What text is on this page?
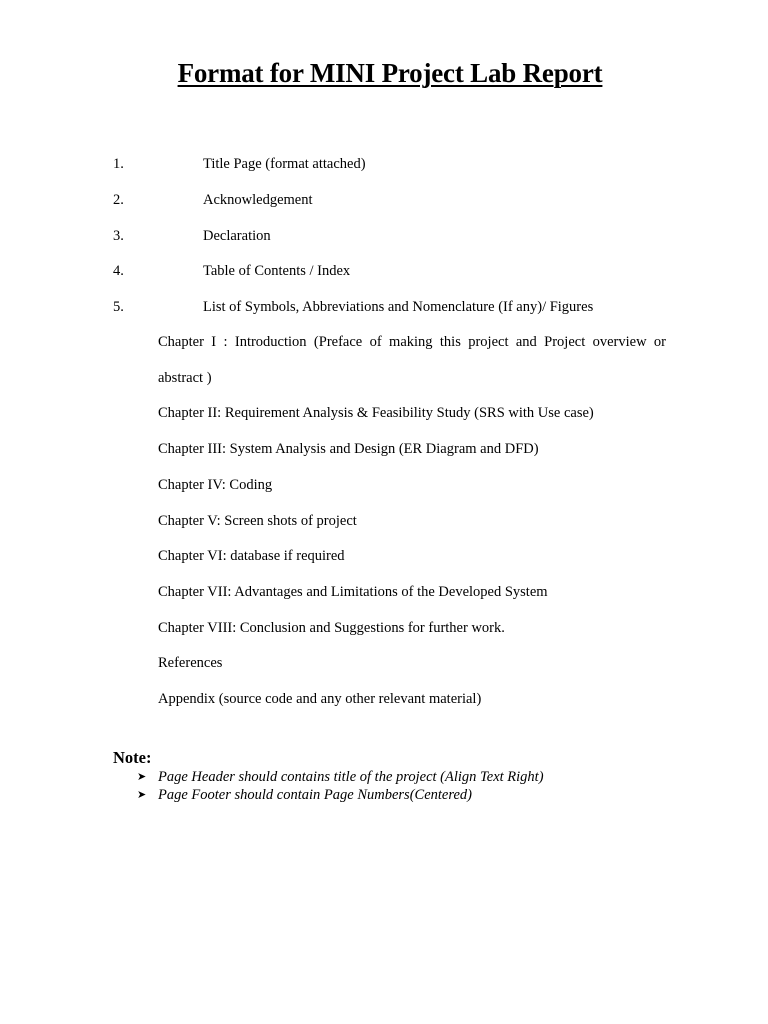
Format for MINI Project Lab Report
1.	Title Page (format attached)
2.	Acknowledgement
3.	Declaration
4.	Table of Contents / Index
5.	List of Symbols, Abbreviations and Nomenclature (If any)/ Figures
Chapter I : Introduction (Preface of making this project and Project overview or
abstract )
Chapter II: Requirement Analysis & Feasibility Study (SRS with Use case)
Chapter III: System Analysis and Design (ER Diagram and DFD)
Chapter IV: Coding
Chapter V: Screen shots of project
Chapter VI: database if required
Chapter VII: Advantages and Limitations of the Developed System
Chapter VIII: Conclusion and Suggestions for further work.
References
Appendix (source code and any other relevant material)
Note:
➤ Page Header should contains title of the project (Align Text Right)
➤ Page Footer should contain Page Numbers(Centered)
